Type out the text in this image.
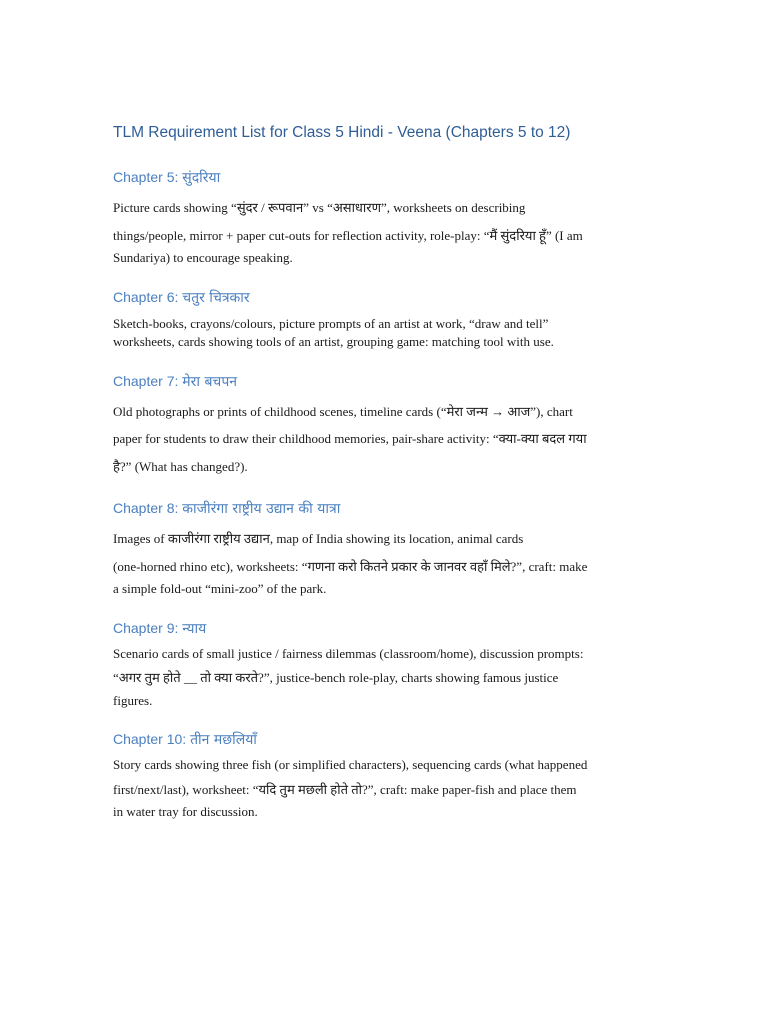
TLM Requirement List for Class 5 Hindi - Veena (Chapters 5 to 12)
Chapter 5: सुंदरिया
Picture cards showing “सुंदर / रूपवान” vs “असाधारण”, worksheets on describing
things/people, mirror + paper cut-outs for reflection activity, role-play: “मैं सुंदरिया हूँ” (I am
Sundariya) to encourage speaking.
Chapter 6: चतुर चित्रकार
Sketch-books, crayons/colours, picture prompts of an artist at work, “draw and tell”
worksheets, cards showing tools of an artist, grouping game: matching tool with use.
Chapter 7: मेरा बचपन
Old photographs or prints of childhood scenes, timeline cards (“मेरा जन्म → आज”), chart
paper for students to draw their childhood memories, pair-share activity: “क्या-क्या बदल गया
है?” (What has changed?).
Chapter 8: काजीरंगा राष्ट्रीय उद्यान की यात्रा
Images of काजीरंगा राष्ट्रीय उद्यान, map of India showing its location, animal cards
(one-horned rhino etc), worksheets: “गणना करो कितने प्रकार के जानवर वहाँ मिले?”, craft: make
a simple fold-out “mini-zoo” of the park.
Chapter 9: न्याय
Scenario cards of small justice / fairness dilemmas (classroom/home), discussion prompts:
“अगर तुम होते __ तो क्या करते?”, justice-bench role-play, charts showing famous justice
figures.
Chapter 10: तीन मछलियाँ
Story cards showing three fish (or simplified characters), sequencing cards (what happened
first/next/last), worksheet: “यदि तुम मछली होते तो?”, craft: make paper-fish and place them
in water tray for discussion.
